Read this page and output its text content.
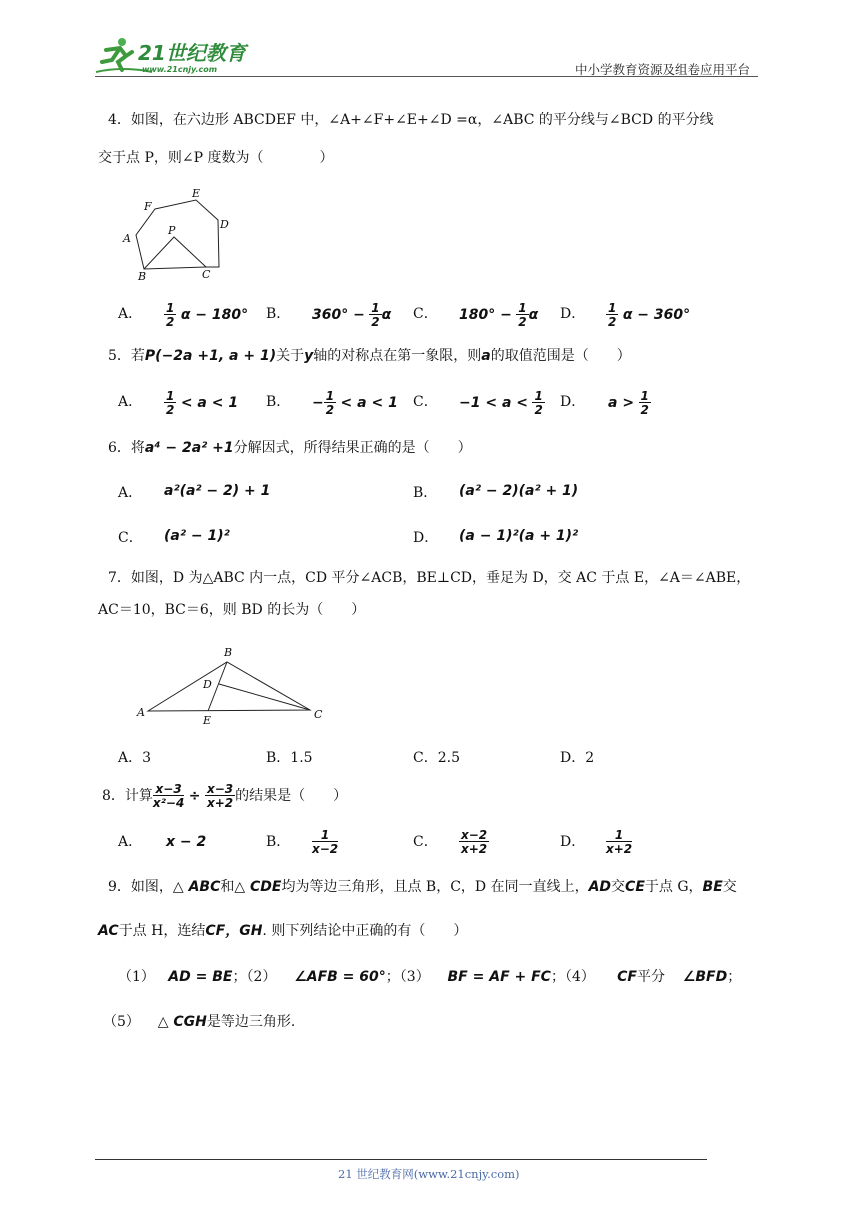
21世纪教育
www.21cnjy.com	中小学教育资源及组卷应用平台
4．如图，在六边形 ABCDEF 中，∠A+∠F+∠E+∠D =α，∠ABC 的平分线与∠BCD 的平分线
交于点 P，则∠P 度数为（　　　　）
E
F
D
A
P
B	C
A． $\frac{1}{2}$ α − 180° B． $360^\circ - \frac{1}{2}$ α C． $180^\circ - \frac{1}{2}$ α D． $\frac{1}{2}$ α − 360°
5．若P(−2a +1, a + 1)关于y轴的对称点在第一象限，则a的取值范围是（　　）
A． $\frac{1}{2} < a < 1$ B． − $\frac{1}{2} < a < 1$ C． $-1 < a < \frac{1}{2}$ D． $a > \frac{1}{2}$
6．将a⁴ − 2a² +1分解因式，所得结果正确的是（　　）
A． a²(a² − 2) + 1	B． (a² − 2)(a² + 1)
C． (a² − 1)²	D． (a − 1)²(a + 1)²
7．如图，D 为△ABC 内一点，CD 平分∠ACB，BE⊥CD，垂足为 D，交 AC 于点 E，∠A＝∠ABE，
AC＝10，BC＝6，则 BD 的长为（　　）
B
D
A
E	C
A．3	B．1.5	C．2.5	D．2
8．计算 $\frac{x-3}{\text{x²−4}} \div \frac{x-3}{x+2}$ 的结果是（　　）
A． x − 2	B． $\frac{1}{x-2}$	C． $\frac{x-2}{x+2}$	D． $\frac{1}{x+2}$
9．如图，△ ABC和△ CDE均为等边三角形，且点 B，C，D 在同一直线上，AD交CE于点 G，BE交
AC于点 H，连结CF，GH. 则下列结论中正确的有（　　）
（1） AD = BE；（2） ∠AFB = 60°；（3） BF = AF + FC；（4） CF平分 ∠BFD；
（5） △ CGH是等边三角形.
21 世纪教育网(www.21cnjy.com)
